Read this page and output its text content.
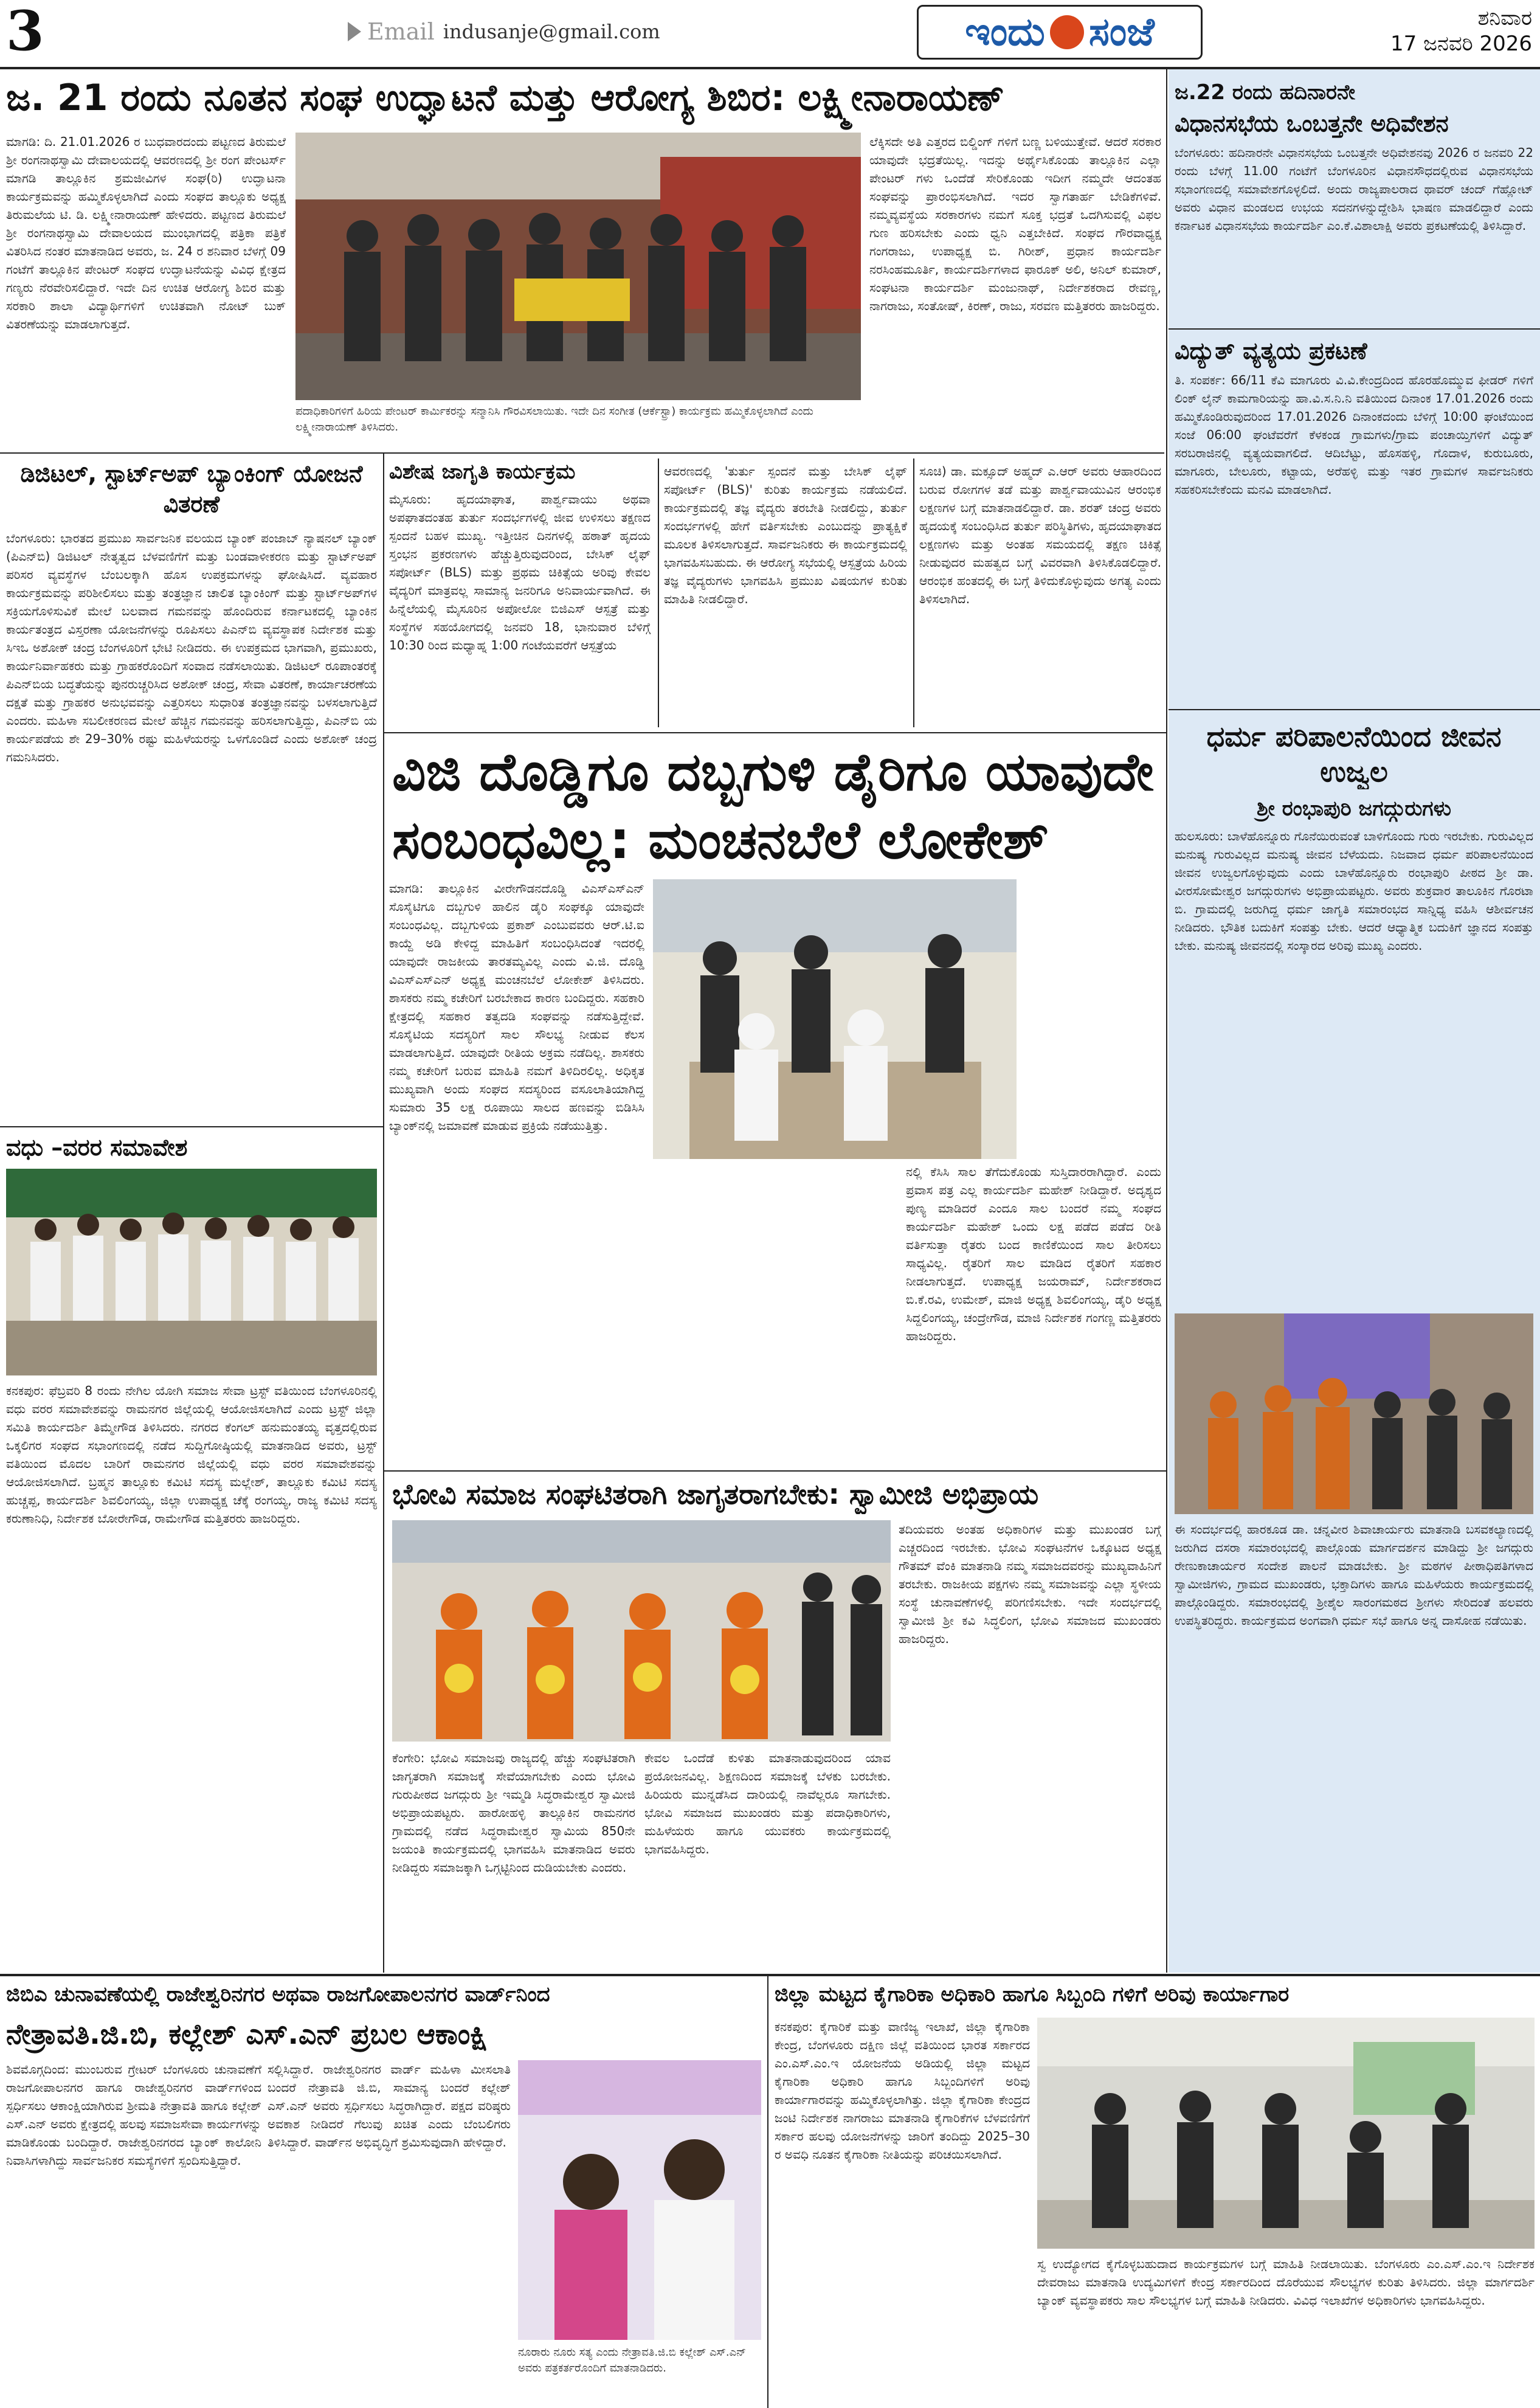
3	Email indusanje@gmail.com	ಇಂದು ಸಂಜೆ	ಶನಿವಾರ
17 ಜನವರಿ 2026
ಜ. 21 ರಂದು ನೂತನ ಸಂಘ ಉದ್ಘಾಟನೆ ಮತ್ತು ಆರೋಗ್ಯ ಶಿಬಿರ: ಲಕ್ಷ್ಮೀನಾರಾಯಣ್
ಮಾಗಡಿ: ದಿ. 21.01.2026 ರ ಬುಧವಾರದಂದು ಪಟ್ಟಣದ ತಿರುಮಲೆ ಶ್ರೀ ರಂಗನಾಥಸ್ವಾಮಿ ದೇವಾಲಯದಲ್ಲಿ ಆವರಣದಲ್ಲಿ ಶ್ರೀ ರಂಗ ಪೇಂಟರ್ಸ್ ಮಾಗಡಿ ತಾಲ್ಲೂಕಿನ ಶ್ರಮಜೀವಿಗಳ ಸಂಘ(ರಿ) ಉದ್ಘಾಟನಾ ಕಾರ್ಯಕ್ರಮವನ್ನು ಹಮ್ಮಿಕೊಳ್ಳಲಾಗಿದೆ ಎಂದು ಸಂಘದ ತಾಲ್ಲೂಕು ಅಧ್ಯಕ್ಷ ತಿರುಮಲೆಯ ಟಿ. ಡಿ. ಲಕ್ಷ್ಮೀನಾರಾಯಣ್ ಹೇಳಿದರು. ಪಟ್ಟಣದ ತಿರುಮಲೆ ಶ್ರೀ ರಂಗನಾಥಸ್ವಾಮಿ ದೇವಾಲಯದ ಮುಂಭಾಗದಲ್ಲಿ ಪತ್ರಿಕಾ ಪತ್ರಿಕೆ ವಿತರಿಸಿದ ನಂತರ ಮಾತನಾಡಿದ ಅವರು, ಜ. 24 ರ ಶನಿವಾರ ಬೆಳಗ್ಗೆ 09 ಗಂಟೆಗೆ ತಾಲ್ಲೂಕಿನ ಪೇಂಟರ್ ಸಂಘದ ಉದ್ಘಾಟನೆಯನ್ನು ವಿವಿಧ ಕ್ಷೇತ್ರದ ಗಣ್ಯರು ನೆರವೇರಿಸಲಿದ್ದಾರೆ. ಇದೇ ದಿನ ಉಚಿತ ಆರೋಗ್ಯ ಶಿಬಿರ ಮತ್ತು ಸರಕಾರಿ ಶಾಲಾ ವಿದ್ಯಾರ್ಥಿಗಳಿಗೆ ಉಚಿತವಾಗಿ ನೋಟ್ ಬುಕ್ ವಿತರಣೆಯನ್ನು ಮಾಡಲಾಗುತ್ತದೆ.
ಲೆಕ್ಕಿಸದೇ ಅತಿ ಎತ್ತರದ ಬಿಲ್ಡಿಂಗ್ ಗಳಿಗೆ ಬಣ್ಣ ಬಳಿಯುತ್ತೇವೆ. ಆದರೆ ಸರಕಾರ ಯಾವುದೇ ಭದ್ರತೆಯಿಲ್ಲ. ಇದನ್ನು ಅರ್ಥೈಸಿಕೊಂಡು ತಾಲ್ಲೂಕಿನ ಎಲ್ಲಾ ಪೇಂಟರ್ ಗಳು ಒಂದೆಡೆ ಸೇರಿಕೊಂಡು ಇದೀಗ ನಮ್ಮದೇ ಆದಂತಹ ಸಂಘವನ್ನು ಪ್ರಾರಂಭಿಸಲಾಗಿದೆ. ಇದರ ಸ್ವಾಗತಾರ್ಹ ಬೇಡಿಕೆಗಳಿವೆ. ನಮ್ಮವ್ಯವಸ್ಥೆಯ ಸರಕಾರಗಳು ನಮಗೆ ಸೂಕ್ತ ಭದ್ರತೆ ಒದಗಿಸುವಲ್ಲಿ ವಿಫಲ ಗುಣ ಹರಿಸಬೇಕು ಎಂದು ಧ್ವನಿ ಎತ್ತಬೇಕಿದೆ. ಸಂಘದ ಗೌರವಾಧ್ಯಕ್ಷ ಗಂಗರಾಜು, ಉಪಾಧ್ಯಕ್ಷ ಬಿ. ಗಿರೀಶ್, ಪ್ರಧಾನ ಕಾರ್ಯದರ್ಶಿ ನರಸಿಂಹಮೂರ್ತಿ, ಕಾರ್ಯದರ್ಶಿಗಳಾದ ಫಾರೂಕ್ ಅಲಿ, ಅನಿಲ್ ಕುಮಾರ್, ಸಂಘಟನಾ ಕಾರ್ಯದರ್ಶಿ ಮಂಜುನಾಥ್, ನಿರ್ದೇಶಕರಾದ ರೇವಣ್ಣ, ನಾಗರಾಜು, ಸಂತೋಷ್, ಕಿರಣ್, ರಾಜು, ಸರವಣ ಮತ್ತಿತರರು ಹಾಜರಿದ್ದರು.
ಪದಾಧಿಕಾರಿಗಳಿಗೆ ಹಿರಿಯ ಪೇಂಟರ್ ಕಾರ್ಮಿಕರನ್ನು ಸನ್ಮಾನಿಸಿ ಗೌರವಿಸಲಾಯಿತು. ಇದೇ ದಿನ ಸಂಗೀತ (ಆರ್ಕೆಸ್ಟ್ರಾ) ಕಾರ್ಯಕ್ರಮ ಹಮ್ಮಿಕೊಳ್ಳಲಾಗಿದೆ ಎಂದು ಲಕ್ಷ್ಮೀನಾರಾಯಣ್ ತಿಳಿಸಿದರು.
ಜ.22 ರಂದು ಹದಿನಾರನೇ
ವಿಧಾನಸಭೆಯ ಒಂಬತ್ತನೇ ಅಧಿವೇಶನ
ಬೆಂಗಳೂರು: ಹದಿನಾರನೇ ವಿಧಾನಸಭೆಯ ಒಂಬತ್ತನೇ ಅಧಿವೇಶನವು 2026 ರ ಜನವರಿ 22 ರಂದು ಬೆಳಗ್ಗೆ 11.00 ಗಂಟೆಗೆ ಬೆಂಗಳೂರಿನ ವಿಧಾನಸೌಧದಲ್ಲಿರುವ ವಿಧಾನಸಭೆಯ ಸಭಾಂಗಣದಲ್ಲಿ ಸಮಾವೇಶಗೊಳ್ಳಲಿದೆ. ಅಂದು ರಾಜ್ಯಪಾಲರಾದ ಥಾವರ್ ಚಂದ್ ಗೆಹ್ಲೋಟ್ ಅವರು ವಿಧಾನ ಮಂಡಲದ ಉಭಯ ಸದನಗಳನ್ನುದ್ದೇಶಿಸಿ ಭಾಷಣ ಮಾಡಲಿದ್ದಾರೆ ಎಂದು ಕರ್ನಾಟಕ ವಿಧಾನಸಭೆಯ ಕಾರ್ಯದರ್ಶಿ ಎಂ.ಕೆ.ವಿಶಾಲಾಕ್ಷಿ ಅವರು ಪ್ರಕಟಣೆಯಲ್ಲಿ ತಿಳಿಸಿದ್ದಾರೆ.
ವಿದ್ಯುತ್ ವ್ಯತ್ಯಯ ಪ್ರಕಟಣೆ
ತಿ. ಸಂಪರ್ಕ: 66/11 ಕೆವಿ ಮಾಗೂರು ವಿ.ವಿ.ಕೇಂದ್ರದಿಂದ ಹೊರಹೊಮ್ಮುವ ಫೀಡರ್ ಗಳಿಗೆ ಲಿಂಕ್ ಲೈನ್ ಕಾಮಗಾರಿಯನ್ನು ಹಾ.ವಿ.ಸ.ನಿ.ನಿ ವತಿಯಿಂದ ದಿನಾಂಕ 17.01.2026 ರಂದು ಹಮ್ಮಿಕೊಂಡಿರುವುದರಿಂದ 17.01.2026 ದಿನಾಂಕದಂದು ಬೆಳಿಗ್ಗೆ 10:00 ಘಂಟೆಯಿಂದ ಸಂಜೆ 06:00 ಘಂಟೆವರೆಗೆ ಕೆಳಕಂಡ ಗ್ರಾಮಗಳು/ಗ್ರಾಮ ಪಂಚಾಯ್ತಿಗಳಿಗೆ ವಿದ್ಯುತ್ ಸರಬರಾಜಿನಲ್ಲಿ ವ್ಯತ್ಯಯವಾಗಲಿದೆ. ಆದಿಬೆಟ್ಟು, ಹೊಸಹಳ್ಳಿ, ಗೊದಾಳ, ಕುರುಬೂರು, ಮಾಗೂರು, ಬೇಲೂರು, ಕಟ್ಟಾಯ, ಅರೆಹಳ್ಳಿ ಮತ್ತು ಇತರ ಗ್ರಾಮಗಳ ಸಾರ್ವಜನಿಕರು ಸಹಕರಿಸಬೇಕೆಂದು ಮನವಿ ಮಾಡಲಾಗಿದೆ.
ಧರ್ಮ ಪರಿಪಾಲನೆಯಿಂದ ಜೀವನ ಉಜ್ವಲ
ಶ್ರೀ ರಂಭಾಪುರಿ ಜಗದ್ಗುರುಗಳು
ಹುಲಸೂರು: ಬಾಳೆಹೊನ್ನೂರು ಗೊನೆಯಿರುವಂತೆ ಬಾಳಿಗೊಂದು ಗುರು ಇರಬೇಕು. ಗುರುವಿಲ್ಲದ ಮನುಷ್ಯ ಗುರುವಿಲ್ಲದ ಮನುಷ್ಯ ಜೀವನ ಬೆಳೆಯದು. ನಿಜವಾದ ಧರ್ಮ ಪರಿಪಾಲನೆಯಿಂದ ಜೀವನ ಉಜ್ವಲಗೊಳ್ಳುವುದು ಎಂದು ಬಾಳೆಹೊನ್ನೂರು ರಂಭಾಪುರಿ ಪೀಠದ ಶ್ರೀ ಡಾ. ವೀರಸೋಮೇಶ್ವರ ಜಗದ್ಗುರುಗಳು ಅಭಿಪ್ರಾಯಪಟ್ಟರು. ಅವರು ಶುಕ್ರವಾರ ತಾಲೂಕಿನ ಗೊರಟಾ ಬಿ. ಗ್ರಾಮದಲ್ಲಿ ಜರುಗಿದ್ದ ಧರ್ಮ ಜಾಗೃತಿ ಸಮಾರಂಭದ ಸಾನ್ನಿಧ್ಯ ವಹಿಸಿ ಆಶೀರ್ವಚನ ನೀಡಿದರು. ಭೌತಿಕ ಬದುಕಿಗೆ ಸಂಪತ್ತು ಬೇಕು. ಆದರೆ ಆಧ್ಯಾತ್ಮಿಕ ಬದುಕಿಗೆ ಜ್ಞಾನದ ಸಂಪತ್ತು ಬೇಕು. ಮನುಷ್ಯ ಜೀವನದಲ್ಲಿ ಸಂಸ್ಕಾರದ ಅರಿವು ಮುಖ್ಯ ಎಂದರು.
ಈ ಸಂದರ್ಭದಲ್ಲಿ ಹಾರಕೂಡ ಡಾ. ಚನ್ನವೀರ ಶಿವಾಚಾರ್ಯರು ಮಾತನಾಡಿ ಬಸವಕಲ್ಯಾಣದಲ್ಲಿ ಜರುಗಿದ ದಸರಾ ಸಮಾರಂಭದಲ್ಲಿ ಪಾಲ್ಗೊಂಡು ಮಾರ್ಗದರ್ಶನ ಮಾಡಿದ್ದು ಶ್ರೀ ಜಗದ್ಗುರು ರೇಣುಕಾಚಾರ್ಯರ ಸಂದೇಶ ಪಾಲನೆ ಮಾಡಬೇಕು. ಶ್ರೀ ಮಠಗಳ ಪೀಠಾಧಿಪತಿಗಳಾದ ಸ್ವಾಮೀಜಿಗಳು, ಗ್ರಾಮದ ಮುಖಂಡರು, ಭಕ್ತಾದಿಗಳು ಹಾಗೂ ಮಹಿಳೆಯರು ಕಾರ್ಯಕ್ರಮದಲ್ಲಿ ಪಾಲ್ಗೊಂಡಿದ್ದರು. ಸಮಾರಂಭದಲ್ಲಿ ಶ್ರೀಶೈಲ ಸಾರಂಗಮಠದ ಶ್ರೀಗಳು ಸೇರಿದಂತೆ ಹಲವರು ಉಪಸ್ಥಿತರಿದ್ದರು. ಕಾರ್ಯಕ್ರಮದ ಅಂಗವಾಗಿ ಧರ್ಮ ಸಭೆ ಹಾಗೂ ಅನ್ನ ದಾಸೋಹ ನಡೆಯಿತು.
ಡಿಜಿಟಲ್, ಸ್ಟಾರ್ಟ್‌ಅಪ್ ಬ್ಯಾಂಕಿಂಗ್ ಯೋಜನೆ ವಿತರಣೆ
ಬೆಂಗಳೂರು: ಭಾರತದ ಪ್ರಮುಖ ಸಾರ್ವಜನಿಕ ವಲಯದ ಬ್ಯಾಂಕ್ ಪಂಜಾಬ್ ನ್ಯಾಷನಲ್ ಬ್ಯಾಂಕ್ (ಪಿಎನ್‌ಬಿ) ಡಿಜಿಟಲ್ ನೇತೃತ್ವದ ಬೆಳವಣಿಗೆಗೆ ಮತ್ತು ಬಂಡವಾಳೀಕರಣ ಮತ್ತು ಸ್ಟಾರ್ಟ್‌ಅಪ್ ಪರಿಸರ ವ್ಯವಸ್ಥೆಗಳ ಬೆಂಬಲಕ್ಕಾಗಿ ಹೊಸ ಉಪಕ್ರಮಗಳನ್ನು ಘೋಷಿಸಿದೆ. ವ್ಯವಹಾರ ಕಾರ್ಯಕ್ರಮವನ್ನು ಪರಿಶೀಲಿಸಲು ಮತ್ತು ತಂತ್ರಜ್ಞಾನ ಚಾಲಿತ ಬ್ಯಾಂಕಿಂಗ್ ಮತ್ತು ಸ್ಟಾರ್ಟ್‌ಅಪ್‌ಗಳ ಸಕ್ರಿಯಗೊಳಿಸುವಿಕೆ ಮೇಲೆ ಬಲವಾದ ಗಮನವನ್ನು ಹೊಂದಿರುವ ಕರ್ನಾಟಕದಲ್ಲಿ ಬ್ಯಾಂಕಿನ ಕಾರ್ಯತಂತ್ರದ ವಿಸ್ತರಣಾ ಯೋಜನೆಗಳನ್ನು ರೂಪಿಸಲು ಪಿಎನ್‌ಬಿ ವ್ಯವಸ್ಥಾಪಕ ನಿರ್ದೇಶಕ ಮತ್ತು ಸಿಇಒ ಅಶೋಕ್ ಚಂದ್ರ ಬೆಂಗಳೂರಿಗೆ ಭೇಟಿ ನೀಡಿದರು. ಈ ಉಪಕ್ರಮದ ಭಾಗವಾಗಿ, ಪ್ರಮುಖರು, ಕಾರ್ಯನಿರ್ವಾಹಕರು ಮತ್ತು ಗ್ರಾಹಕರೊಂದಿಗೆ ಸಂವಾದ ನಡೆಸಲಾಯಿತು. ಡಿಜಿಟಲ್ ರೂಪಾಂತರಕ್ಕೆ ಪಿಎನ್‌ಬಿಯ ಬದ್ಧತೆಯನ್ನು ಪುನರುಚ್ಚರಿಸಿದ ಅಶೋಕ್ ಚಂದ್ರ, ಸೇವಾ ವಿತರಣೆ, ಕಾರ್ಯಾಚರಣೆಯ ದಕ್ಷತೆ ಮತ್ತು ಗ್ರಾಹಕರ ಅನುಭವವನ್ನು ಎತ್ತರಿಸಲು ಸುಧಾರಿತ ತಂತ್ರಜ್ಞಾನವನ್ನು ಬಳಸಲಾಗುತ್ತಿದೆ ಎಂದರು. ಮಹಿಳಾ ಸಬಲೀಕರಣದ ಮೇಲೆ ಹೆಚ್ಚಿನ ಗಮನವನ್ನು ಹರಿಸಲಾಗುತ್ತಿದ್ದು, ಪಿಎನ್‌ಬಿ ಯ ಕಾರ್ಯಪಡೆಯ ಶೇ 29–30% ರಷ್ಟು ಮಹಿಳೆಯರನ್ನು ಒಳಗೊಂಡಿದೆ ಎಂದು ಅಶೋಕ್ ಚಂದ್ರ ಗಮನಿಸಿದರು.
ವಧು –ವರರ ಸಮಾವೇಶ
ಕನಕಪುರ: ಫೆಬ್ರವರಿ 8 ರಂದು ನೇಗಿಲ ಯೋಗಿ ಸಮಾಜ ಸೇವಾ ಟ್ರಸ್ಟ್ ವತಿಯಿಂದ ಬೆಂಗಳೂರಿನಲ್ಲಿ ವಧು ವರರ ಸಮಾವೇಶವನ್ನು ರಾಮನಗರ ಜಿಲ್ಲೆಯಲ್ಲಿ ಆಯೋಜಿಸಲಾಗಿದೆ ಎಂದು ಟ್ರಸ್ಟ್ ಜಿಲ್ಲಾ ಸಮಿತಿ ಕಾರ್ಯದರ್ಶಿ ತಿಮ್ಮೇಗೌಡ ತಿಳಿಸಿದರು. ನಗರದ ಕೆಂಗಲ್ ಹನುಮಂತಯ್ಯ ವೃತ್ತದಲ್ಲಿರುವ ಒಕ್ಕಲಿಗರ ಸಂಘದ ಸಭಾಂಗಣದಲ್ಲಿ ನಡೆದ ಸುದ್ದಿಗೋಷ್ಠಿಯಲ್ಲಿ ಮಾತನಾಡಿದ ಅವರು, ಟ್ರಸ್ಟ್ ವತಿಯಿಂದ ಮೊದಲ ಬಾರಿಗೆ ರಾಮನಗರ ಜಿಲ್ಲೆಯಲ್ಲಿ ವಧು ವರರ ಸಮಾವೇಶವನ್ನು ಆಯೋಜಿಸಲಾಗಿದೆ. ಬ್ರಹ್ಮನ ತಾಲ್ಲೂಕು ಕಮಿಟಿ ಸದಸ್ಯ ಮಲ್ಲೇಶ್, ತಾಲ್ಲೂಕು ಕಮಿಟಿ ಸದಸ್ಯ ಹುಚ್ಚಪ್ಪ, ಕಾರ್ಯದರ್ಶಿ ಶಿವಲಿಂಗಯ್ಯ, ಜಿಲ್ಲಾ ಉಪಾಧ್ಯಕ್ಷ ಚೆಕ್ಕೆ ರಂಗಯ್ಯ, ರಾಜ್ಯ ಕಮಿಟಿ ಸದಸ್ಯ ಕರುಣಾನಿಧಿ, ನಿರ್ದೇಶಕ ಬೋರೇಗೌಡ, ರಾಮೇಗೌಡ ಮತ್ತಿತರರು ಹಾಜರಿದ್ದರು.
ವಿಶೇಷ ಜಾಗೃತಿ ಕಾರ್ಯಕ್ರಮ
ಮೈಸೂರು: ಹೃದಯಾಘಾತ, ಪಾರ್ಶ್ವವಾಯು ಅಥವಾ ಅಪಘಾತದಂತಹ ತುರ್ತು ಸಂದರ್ಭಗಳಲ್ಲಿ ಜೀವ ಉಳಿಸಲು ತಕ್ಷಣದ ಸ್ಪಂದನೆ ಬಹಳ ಮುಖ್ಯ. ಇತ್ತೀಚಿನ ದಿನಗಳಲ್ಲಿ ಹಠಾತ್ ಹೃದಯ ಸ್ತಂಭನ ಪ್ರಕರಣಗಳು ಹೆಚ್ಚುತ್ತಿರುವುದರಿಂದ, ಬೇಸಿಕ್ ಲೈಫ್ ಸಪೋರ್ಟ್ (BLS) ಮತ್ತು ಪ್ರಥಮ ಚಿಕಿತ್ಸೆಯ ಅರಿವು ಕೇವಲ ವೈದ್ಯರಿಗೆ ಮಾತ್ರವಲ್ಲ ಸಾಮಾನ್ಯ ಜನರಿಗೂ ಅನಿವಾರ್ಯವಾಗಿದೆ. ಈ ಹಿನ್ನೆಲೆಯಲ್ಲಿ ಮೈಸೂರಿನ ಅಪೋಲೋ ಬಿಜಿಎಸ್ ಆಸ್ಪತ್ರೆ ಮತ್ತು ಸಂಸ್ಥೆಗಳ ಸಹಯೋಗದಲ್ಲಿ ಜನವರಿ 18, ಭಾನುವಾರ ಬೆಳಿಗ್ಗೆ 10:30 ರಿಂದ ಮಧ್ಯಾಹ್ನ 1:00 ಗಂಟೆಯವರೆಗೆ ಆಸ್ಪತ್ರೆಯ
ಆವರಣದಲ್ಲಿ 'ತುರ್ತು ಸ್ಪಂದನೆ ಮತ್ತು ಬೇಸಿಕ್ ಲೈಫ್ ಸಪೋರ್ಟ್ (BLS)' ಕುರಿತು ಕಾರ್ಯಕ್ರಮ ನಡೆಯಲಿದೆ. ಕಾರ್ಯಕ್ರಮದಲ್ಲಿ ತಜ್ಞ ವೈದ್ಯರು ತರಬೇತಿ ನೀಡಲಿದ್ದು, ತುರ್ತು ಸಂದರ್ಭಗಳಲ್ಲಿ ಹೇಗೆ ವರ್ತಿಸಬೇಕು ಎಂಬುದನ್ನು ಪ್ರಾತ್ಯಕ್ಷಿಕೆ ಮೂಲಕ ತಿಳಿಸಲಾಗುತ್ತದೆ. ಸಾರ್ವಜನಿಕರು ಈ ಕಾರ್ಯಕ್ರಮದಲ್ಲಿ ಭಾಗವಹಿಸಬಹುದು. ಈ ಆರೋಗ್ಯ ಸಭೆಯಲ್ಲಿ ಆಸ್ಪತ್ರೆಯ ಹಿರಿಯ ತಜ್ಞ ವೈದ್ಯರುಗಳು ಭಾಗವಹಿಸಿ ಪ್ರಮುಖ ವಿಷಯಗಳ ಕುರಿತು ಮಾಹಿತಿ ನೀಡಲಿದ್ದಾರೆ.
ಸೂಚಿ) ಡಾ. ಮಕ್ಸೂದ್ ಅಹ್ಮದ್ ಎ.ಆರ್ ಅವರು ಆಹಾರದಿಂದ ಬರುವ ರೋಗಗಳ ತಡೆ ಮತ್ತು ಪಾರ್ಶ್ವವಾಯುವಿನ ಆರಂಭಿಕ ಲಕ್ಷಣಗಳ ಬಗ್ಗೆ ಮಾತನಾಡಲಿದ್ದಾರೆ. ಡಾ. ಶರತ್ ಚಂದ್ರ ಅವರು ಹೃದಯಕ್ಕೆ ಸಂಬಂಧಿಸಿದ ತುರ್ತು ಪರಿಸ್ಥಿತಿಗಳು, ಹೃದಯಾಘಾತದ ಲಕ್ಷಣಗಳು ಮತ್ತು ಅಂತಹ ಸಮಯದಲ್ಲಿ ತಕ್ಷಣ ಚಿಕಿತ್ಸೆ ನೀಡುವುದರ ಮಹತ್ವದ ಬಗ್ಗೆ ವಿವರವಾಗಿ ತಿಳಿಸಿಕೊಡಲಿದ್ದಾರೆ. ಆರಂಭಿಕ ಹಂತದಲ್ಲಿ ಈ ಬಗ್ಗೆ ತಿಳಿದುಕೊಳ್ಳುವುದು ಅಗತ್ಯ ಎಂದು ತಿಳಿಸಲಾಗಿದೆ.
ವಿಜಿ ದೊಡ್ಡಿಗೂ ದಬ್ಬಗುಳಿ ಡೈರಿಗೂ ಯಾವುದೇ ಸಂಬಂಧವಿಲ್ಲ: ಮಂಚನಬೆಲೆ ಲೋಕೇಶ್
ಮಾಗಡಿ: ತಾಲ್ಲೂಕಿನ ವೀರೇಗೌಡನದೊಡ್ಡಿ ವಿಎಸ್ಎಸ್ಎನ್ ಸೊಸೈಟಿಗೂ ದಬ್ಬಗುಳಿ ಹಾಲಿನ ಡೈರಿ ಸಂಘಕ್ಕೂ ಯಾವುದೇ ಸಂಬಂಧವಿಲ್ಲ. ದಬ್ಬಗುಳಿಯ ಪ್ರಕಾಶ್ ಎಂಬುವವರು ಆರ್.ಟಿ.ಐ ಕಾಯ್ದೆ ಅಡಿ ಕೇಳಿದ್ದ ಮಾಹಿತಿಗೆ ಸಂಬಂಧಿಸಿದಂತೆ ಇದರಲ್ಲಿ ಯಾವುದೇ ರಾಜಕೀಯ ತಾರತಮ್ಯವಿಲ್ಲ ಎಂದು ವಿ.ಜಿ. ದೊಡ್ಡಿ ವಿಎಸ್ಎಸ್ಎನ್ ಅಧ್ಯಕ್ಷ ಮಂಚನಬೆಲೆ ಲೋಕೇಶ್ ತಿಳಿಸಿದರು. ಶಾಸಕರು ನಮ್ಮ ಕಚೇರಿಗೆ ಬರಬೇಕಾದ ಕಾರಣ ಬಂದಿದ್ದರು. ಸಹಕಾರಿ ಕ್ಷೇತ್ರದಲ್ಲಿ ಸಹಕಾರ ತತ್ವದಡಿ ಸಂಘವನ್ನು ನಡೆಸುತ್ತಿದ್ದೇವೆ. ಸೊಸೈಟಿಯ ಸದಸ್ಯರಿಗೆ ಸಾಲ ಸೌಲಭ್ಯ ನೀಡುವ ಕೆಲಸ ಮಾಡಲಾಗುತ್ತಿದೆ. ಯಾವುದೇ ರೀತಿಯ ಅಕ್ರಮ ನಡೆದಿಲ್ಲ. ಶಾಸಕರು ನಮ್ಮ ಕಚೇರಿಗೆ ಬರುವ ಮಾಹಿತಿ ನಮಗೆ ತಿಳಿದಿರಲಿಲ್ಲ. ಅಧಿಕೃತ ಮುಖ್ಯವಾಗಿ ಅಂದು ಸಂಘದ ಸದಸ್ಯರಿಂದ ವಸೂಲಾತಿಯಾಗಿದ್ದ ಸುಮಾರು 35 ಲಕ್ಷ ರೂಪಾಯಿ ಸಾಲದ ಹಣವನ್ನು ಬಿಡಿಸಿಸಿ ಬ್ಯಾಂಕ್‌ನಲ್ಲಿ ಜಮಾವಣೆ ಮಾಡುವ ಪ್ರಕ್ರಿಯೆ ನಡೆಯುತ್ತಿತ್ತು.
ನಲ್ಲಿ ಕೆಸಿಸಿ ಸಾಲ ತೆಗೆದುಕೊಂಡು ಸುಸ್ತಿದಾರರಾಗಿದ್ದಾರೆ. ಎಂದು ಪ್ರವಾಸ ಪತ್ರ ಎಲ್ಲ ಕಾರ್ಯದರ್ಶಿ ಮಹೇಶ್ ನೀಡಿದ್ದಾರೆ. ಅದೃಶ್ಯದ ಪುಣ್ಯ ಮಾಡಿದರೆ ಎಂದೂ ಸಾಲ ಬಂದರೆ ನಮ್ಮ ಸಂಘದ ಕಾರ್ಯದರ್ಶಿ ಮಹೇಶ್ ಒಂದು ಲಕ್ಷ ಪಡೆದ ಪಡೆದ ರೀತಿ ವರ್ತಿಸುತ್ತಾ ರೈತರು ಬಂದ ಕಾಣಿಕೆಯಿಂದ ಸಾಲ ತೀರಿಸಲು ಸಾಧ್ಯವಿಲ್ಲ. ರೈತರಿಗೆ ಸಾಲ ಮಾಡಿದ ರೈತರಿಗೆ ಸಹಕಾರ ನೀಡಲಾಗುತ್ತದೆ. ಉಪಾಧ್ಯಕ್ಷ ಜಯರಾಮ್, ನಿರ್ದೇಶಕರಾದ ಬಿ.ಕೆ.ರವಿ, ಉಮೇಶ್, ಮಾಜಿ ಅಧ್ಯಕ್ಷ ಶಿವಲಿಂಗಯ್ಯ, ಡೈರಿ ಅಧ್ಯಕ್ಷ ಸಿದ್ದಲಿಂಗಯ್ಯ, ಚಂದ್ರೇಗೌಡ, ಮಾಜಿ ನಿರ್ದೇಶಕ ಗಂಗಣ್ಣ ಮತ್ತಿತರರು ಹಾಜರಿದ್ದರು.
ಭೋವಿ ಸಮಾಜ ಸಂಘಟಿತರಾಗಿ ಜಾಗೃತರಾಗಬೇಕು: ಸ್ವಾಮೀಜಿ ಅಭಿಪ್ರಾಯ
ತದಿಯವರು ಅಂತಹ ಅಧಿಕಾರಿಗಳ ಮತ್ತು ಮುಖಂಡರ ಬಗ್ಗೆ ಎಚ್ಚರದಿಂದ ಇರಬೇಕು. ಭೋವಿ ಸಂಘಟನೆಗಳ ಒಕ್ಕೂಟದ ಅಧ್ಯಕ್ಷ ಗೌತಮ್ ವೆಂಕಿ ಮಾತನಾಡಿ ನಮ್ಮ ಸಮಾಜದವರನ್ನು ಮುಖ್ಯವಾಹಿನಿಗೆ ತರಬೇಕು. ರಾಜಕೀಯ ಪಕ್ಷಗಳು ನಮ್ಮ ಸಮಾಜವನ್ನು ಎಲ್ಲಾ ಸ್ಥಳೀಯ ಸಂಸ್ಥೆ ಚುನಾವಣೆಗಳಲ್ಲಿ ಪರಿಗಣಿಸಬೇಕು. ಇದೇ ಸಂದರ್ಭದಲ್ಲಿ ಸ್ವಾಮೀಜಿ ಶ್ರೀ ಕವಿ ಸಿದ್ಧಲಿಂಗ, ಭೋವಿ ಸಮಾಜದ ಮುಖಂಡರು ಹಾಜರಿದ್ದರು.
ಕೆಂಗೇರಿ: ಭೋವಿ ಸಮಾಜವು ರಾಜ್ಯದಲ್ಲಿ ಹೆಚ್ಚು ಸಂಘಟಿತರಾಗಿ ಜಾಗೃತರಾಗಿ ಸಮಾಜಕ್ಕೆ ಸೇವೆಯಾಗಬೇಕು ಎಂದು ಭೋವಿ ಗುರುಪೀಠದ ಜಗದ್ಗುರು ಶ್ರೀ ಇಮ್ಮಡಿ ಸಿದ್ಧರಾಮೇಶ್ವರ ಸ್ವಾಮೀಜಿ ಅಭಿಪ್ರಾಯಪಟ್ಟರು. ಹಾರೋಹಳ್ಳಿ ತಾಲ್ಲೂಕಿನ ರಾಮನಗರ ಗ್ರಾಮದಲ್ಲಿ ನಡೆದ ಸಿದ್ಧರಾಮೇಶ್ವರ ಸ್ವಾಮಿಯ 850ನೇ ಜಯಂತಿ ಕಾರ್ಯಕ್ರಮದಲ್ಲಿ ಭಾಗವಹಿಸಿ ಮಾತನಾಡಿದ ಅವರು ನೀಡಿದ್ದರು ಸಮಾಜಕ್ಕಾಗಿ ಒಗ್ಗಟ್ಟಿನಿಂದ ದುಡಿಯಬೇಕು ಎಂದರು.
ಕೇವಲ ಒಂದೆಡೆ ಕುಳಿತು ಮಾತನಾಡುವುದರಿಂದ ಯಾವ ಪ್ರಯೋಜನವಿಲ್ಲ. ಶಿಕ್ಷಣದಿಂದ ಸಮಾಜಕ್ಕೆ ಬೆಳಕು ಬರಬೇಕು. ಹಿರಿಯರು ಮುನ್ನಡೆಸಿದ ದಾರಿಯಲ್ಲಿ ನಾವೆಲ್ಲರೂ ಸಾಗಬೇಕು. ಭೋವಿ ಸಮಾಜದ ಮುಖಂಡರು ಮತ್ತು ಪದಾಧಿಕಾರಿಗಳು, ಮಹಿಳೆಯರು ಹಾಗೂ ಯುವಕರು ಕಾರ್ಯಕ್ರಮದಲ್ಲಿ ಭಾಗವಹಿಸಿದ್ದರು.
ಜಿಬಿಎ ಚುನಾವಣೆಯಲ್ಲಿ ರಾಜೇಶ್ವರಿನಗರ ಅಥವಾ ರಾಜಗೋಪಾಲನಗರ ವಾರ್ಡ್‌ನಿಂದ
ನೇತ್ರಾವತಿ.ಜಿ.ಬಿ, ಕಲ್ಲೇಶ್ ಎಸ್.ಎನ್ ಪ್ರಬಲ ಆಕಾಂಕ್ಷಿ
ಶಿವಮೊಗ್ಗದಿಂದ: ಮುಂಬರುವ ಗ್ರೇಟರ್ ಬೆಂಗಳೂರು ಚುನಾವಣೆಗೆ ರಾಜಗೋಪಾಲನಗರ ಹಾಗೂ ರಾಜೇಶ್ವರಿನಗರ ವಾರ್ಡ್‌ಗಳಿಂದ ಸ್ಪರ್ಧಿಸಲು ಆಕಾಂಕ್ಷಿಯಾಗಿರುವ ಶ್ರೀಮತಿ ನೇತ್ರಾವತಿ ಹಾಗೂ ಕಲ್ಲೇಶ್ ಎಸ್.ಎನ್ ಅವರು ಕ್ಷೇತ್ರದಲ್ಲಿ ಹಲವು ಸಮಾಜಸೇವಾ ಕಾರ್ಯಗಳನ್ನು ಮಾಡಿಕೊಂಡು ಬಂದಿದ್ದಾರೆ. ರಾಜೇಶ್ವರಿನಗರದ ಬ್ಯಾಂಕ್ ಕಾಲೋನಿ ನಿವಾಸಿಗಳಾಗಿದ್ದು ಸಾರ್ವಜನಿಕರ ಸಮಸ್ಯೆಗಳಿಗೆ ಸ್ಪಂದಿಸುತ್ತಿದ್ದಾರೆ.
ಸಲ್ಲಿಸಿದ್ದಾರೆ. ರಾಜೇಶ್ವರಿನಗರ ವಾರ್ಡ್ ಮಹಿಳಾ ಮೀಸಲಾತಿ ಬಂದರೆ ನೇತ್ರಾವತಿ ಜಿ.ಬಿ, ಸಾಮಾನ್ಯ ಬಂದರೆ ಕಲ್ಲೇಶ್ ಎಸ್.ಎನ್ ಅವರು ಸ್ಪರ್ಧಿಸಲು ಸಿದ್ಧರಾಗಿದ್ದಾರೆ. ಪಕ್ಷದ ವರಿಷ್ಠರು ಅವಕಾಶ ನೀಡಿದರೆ ಗೆಲುವು ಖಚಿತ ಎಂದು ಬೆಂಬಲಿಗರು ತಿಳಿಸಿದ್ದಾರೆ. ವಾರ್ಡ್‌ನ ಅಭಿವೃದ್ಧಿಗೆ ಶ್ರಮಿಸುವುದಾಗಿ ಹೇಳಿದ್ದಾರೆ.
ನೂರಾರು ನೂರು ಸತ್ಯ ಎಂದು ನೇತ್ರಾವತಿ.ಜಿ.ಬಿ ಕಲ್ಲೇಶ್ ಎಸ್.ಎನ್ ಅವರು ಪತ್ರಕರ್ತರೊಂದಿಗೆ ಮಾತನಾಡಿದರು.
ಜಿಲ್ಲಾ ಮಟ್ಟದ ಕೈಗಾರಿಕಾ ಅಧಿಕಾರಿ ಹಾಗೂ ಸಿಬ್ಬಂದಿ ಗಳಿಗೆ ಅರಿವು ಕಾರ್ಯಾಗಾರ
ಕನಕಪುರ: ಕೈಗಾರಿಕೆ ಮತ್ತು ವಾಣಿಜ್ಯ ಇಲಾಖೆ, ಜಿಲ್ಲಾ ಕೈಗಾರಿಕಾ ಕೇಂದ್ರ, ಬೆಂಗಳೂರು ದಕ್ಷಿಣ ಜಿಲ್ಲೆ ವತಿಯಿಂದ ಭಾರತ ಸರ್ಕಾರದ ಎಂ.ಎಸ್.ಎಂ.ಇ ಯೋಜನೆಯ ಅಡಿಯಲ್ಲಿ ಜಿಲ್ಲಾ ಮಟ್ಟದ ಕೈಗಾರಿಕಾ ಅಧಿಕಾರಿ ಹಾಗೂ ಸಿಬ್ಬಂದಿಗಳಿಗೆ ಅರಿವು ಕಾರ್ಯಾಗಾರವನ್ನು ಹಮ್ಮಿಕೊಳ್ಳಲಾಗಿತ್ತು. ಜಿಲ್ಲಾ ಕೈಗಾರಿಕಾ ಕೇಂದ್ರದ ಜಂಟಿ ನಿರ್ದೇಶಕ ನಾಗರಾಜು ಮಾತನಾಡಿ ಕೈಗಾರಿಕೆಗಳ ಬೆಳವಣಿಗೆಗೆ ಸರ್ಕಾರ ಹಲವು ಯೋಜನೆಗಳನ್ನು ಜಾರಿಗೆ ತಂದಿದ್ದು 2025–30 ರ ಅವಧಿ ನೂತನ ಕೈಗಾರಿಕಾ ನೀತಿಯನ್ನು ಪರಿಚಯಿಸಲಾಗಿದೆ.
ಸ್ವ ಉದ್ಯೋಗದ ಕೈಗೊಳ್ಳಬಹುದಾದ ಕಾರ್ಯಕ್ರಮಗಳ ಬಗ್ಗೆ ಮಾಹಿತಿ ನೀಡಲಾಯಿತು. ಬೆಂಗಳೂರು ಎಂ.ಎಸ್.ಎಂ.ಇ ನಿರ್ದೇಶಕ ದೇವರಾಜು ಮಾತನಾಡಿ ಉದ್ಯಮಿಗಳಿಗೆ ಕೇಂದ್ರ ಸರ್ಕಾರದಿಂದ ದೊರೆಯುವ ಸೌಲಭ್ಯಗಳ ಕುರಿತು ತಿಳಿಸಿದರು. ಜಿಲ್ಲಾ ಮಾರ್ಗದರ್ಶಿ ಬ್ಯಾಂಕ್ ವ್ಯವಸ್ಥಾಪಕರು ಸಾಲ ಸೌಲಭ್ಯಗಳ ಬಗ್ಗೆ ಮಾಹಿತಿ ನೀಡಿದರು. ವಿವಿಧ ಇಲಾಖೆಗಳ ಅಧಿಕಾರಿಗಳು ಭಾಗವಹಿಸಿದ್ದರು.
